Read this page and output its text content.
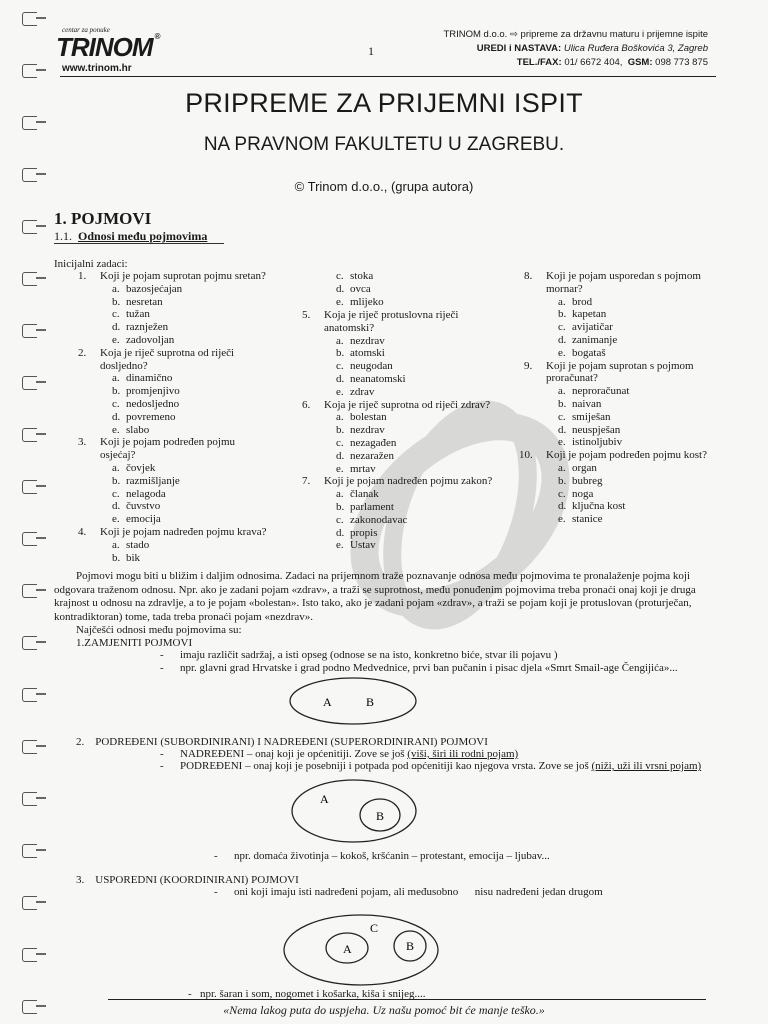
centar za ponuke
TRINOM ®
www.trinom.hr
1
TRINOM d.o.o. ⇨ pripreme za državnu maturu i prijemne ispite
UREDI i NASTAVA: Ulica Ruđera Boškovića 3, Zagreb
TEL./FAX: 01/ 6672 404, GSM: 098 773 875
PRIPREME ZA PRIJEMNI ISPIT
NA PRAVNOM FAKULTETU U ZAGREBU.
© Trinom d.o.o., (grupa autora)
1. POJMOVI
1.1. Odnosi među pojmovima
Inicijalni zadaci:
1. Koji je pojam suprotan pojmu sretan?
a. bazosjećajan
b. nesretan
c. tužan
d. raznježen
e. zadovoljan
2. Koja je riječ suprotna od riječi
dosljedno?
a. dinamično
b. promjenjivo
c. nedosljedno
d. povremeno
e. slabo
3. Koji je pojam podređen pojmu
osjećaj?
a. čovjek
b. razmišljanje
c. nelagoda
d. čuvstvo
e. emocija
4. Koji je pojam nadređen pojmu krava?
a. stado
b. bik
c. stoka
d. ovca
e. mlijeko
5. Koja je riječ protuslovna riječi
anatomski?
a. nezdrav
b. atomski
c. neugodan
d. neanatomski
e. zdrav
6. Koja je riječ suprotna od riječi zdrav?
a. bolestan
b. nezdrav
c. nezagađen
d. nezaražen
e. mrtav
7. Koji je pojam nadređen pojmu zakon?
a. članak
b. parlament
c. zakonodavac
d. propis
e. Ustav
8. Koji je pojam usporedan s pojmom
mornar?
a. brod
b. kapetan
c. avijatičar
d. zanimanje
e. bogataš
9. Koji je pojam suprotan s pojmom
proračunat?
a. neproračunat
b. naivan
c. smiješan
d. neuspješan
e. istinoljubiv
10. Koji je pojam podređen pojmu kost?
a. organ
b. bubreg
c. noga
d. ključna kost
e. stanice

Pojmovi mogu biti u bližim i daljim odnosima. Zadaci na prijemnom traže poznavanje odnosa među pojmovima te pronalaženje pojma koji

odgovara traženom odnosu. Npr. ako je zadani pojam «zdrav», a traži se suprotnost, među ponuđenim pojmovima treba pronaći onaj koji je druga
krajnost u odnosu na zdravlje, a to je pojam «bolestan». Isto tako, ako je zadani pojam «zdrav», a traži se pojam koji je protuslovan (proturječan,
kontradiktoran) tome, tada treba pronaći pojam «nezdrav».
Najčešći odnosi među pojmovima su:
1.ZAMJENITI POJMOVI
- imaju različit sadržaj, a isti opseg (odnose se na isto, konkretno biće, stvar ili pojavu )
- npr. glavni grad Hrvatske i grad podno Medvednice, prvi ban pučanin i pisac djela «Smrt Smail-age Čengijića»...
A	B
2. PODREĐENI (SUBORDINIRANI) I NADREĐENI (SUPERORDINIRANI) POJMOVI
- NADREĐENI – onaj koji je općenitiji. Zove se još (viši, širi ili rodni pojam)
- PODREĐENI – onaj koji je posebniji i potpada pod općenitiji kao njegova vrsta. Zove se još (niži, uži ili vrsni pojam)
A
B
- npr. domaća životinja – kokoš, kršćanin – protestant, emocija – ljubav...
3. USPOREDNI (KOORDINIRANI) POJMOVI
- oni koji imaju isti nadređeni pojam, ali međusobno      nisu nadređeni jedan drugom
C
A	B
- npr. šaran i som, nogomet i košarka, kiša i snijeg....
«Nema lakog puta do uspjeha. Uz našu pomoć bit će manje teško.»
